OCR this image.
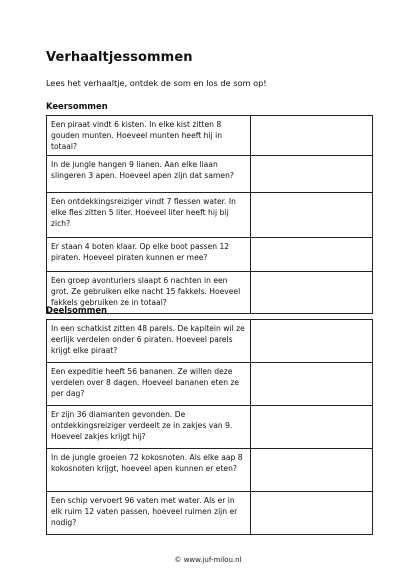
Verhaaltjessommen
Lees het verhaaltje, ontdek de som en los de som op!
Keersommen
Een piraat vindt 6 kisten. In elke kist zitten 8 gouden munten. Hoeveel munten heeft hij in totaal?	
In de jungle hangen 9 lianen. Aan elke liaan slingeren 3 apen. Hoeveel apen zijn dat samen?	
Een ontdekkingsreiziger vindt 7 flessen water. In elke fles zitten 5 liter. Hoeveel liter heeft hij bij zich?	
Er staan 4 boten klaar. Op elke boot passen 12 piraten. Hoeveel piraten kunnen er mee?	
Een groep avonturiers slaapt 6 nachten in een grot. Ze gebruiken elke nacht 15 fakkels. Hoeveel fakkels gebruiken ze in totaal?	
Deelsommen
In een schatkist zitten 48 parels. De kapitein wil ze eerlijk verdelen onder 6 piraten. Hoeveel parels krijgt elke piraat?	
Een expeditie heeft 56 bananen. Ze willen deze verdelen over 8 dagen. Hoeveel bananen eten ze per dag?	
Er zijn 36 diamanten gevonden. De ontdekkingsreiziger verdeelt ze in zakjes van 9. Hoeveel zakjes krijgt hij?	
In de jungle groeien 72 kokosnoten. Als elke aap 8 kokosnoten krijgt, hoeveel apen kunnen er eten?	
Een schip vervoert 96 vaten met water. Als er in elk ruim 12 vaten passen, hoeveel ruimen zijn er nodig?	
© www.juf-milou.nl
